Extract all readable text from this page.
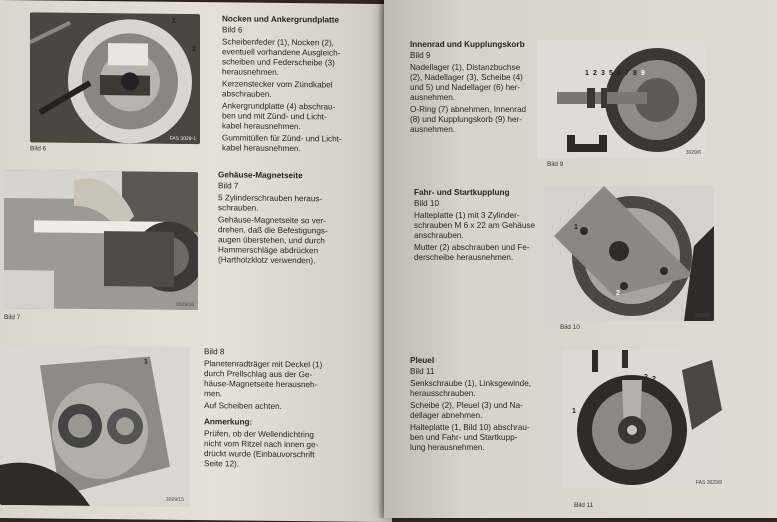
1
2
FAS 3029-1
Bild 6
Nocken und Ankergrundplatte
Bild 6
Scheibenfeder (1), Nocken (2),
eventuell vorhandene Ausgleich-
scheiben und Federscheibe (3)
herausnehmen.
Kerzenstecker vom Zündkabel
abschrauben.
Ankergrundplatte (4) abschrau-
ben und mit Zünd- und Licht-
kabel herausnehmen.
Gummitüllen für Zünd- und Licht-
kabel herausnehmen.
3029/16
Bild 7
Gehäuse-Magnetseite
Bild 7
5 Zylinderschrauben heraus-
schrauben.
Gehäuse-Magnetseite so ver-
drehen, daß die Befestigungs-
augen überstehen, und durch
Hammerschläge abdrücken
(Hartholzklotz verwenden).
1
3029/15
Bild 8
Planetenradträger mit Deckel (1)
durch Prellschlag aus der Ge-
häuse-Magnetseite herausneh-
men.
Auf Scheiben achten.
Anmerkung:
Prüfen, ob der Wellendichtring
nicht vom Ritzel nach innen ge-
drückt wurde (Einbauvorschrift
Seite 12).
Innenrad und Kupplungskorb
Bild 9
Nadellager (1), Distanzbuchse
(2), Nadellager (3), Scheibe (4)
und 5) und Nadellager (6) her-
ausnehmen.
O-Ring (7) abnehmen, Innenrad
(8) und Kupplungskorb (9) her-
ausnehmen.
1 2 3 5 6 7 8 9
3029/6
Bild 9
Fahr- und Startkupplung
Bild 10
Halteplatte (1) mit 3 Zylinder-
schrauben M 6 x 22 am Gehäuse
anschrauben.
Mutter (2) abschrauben und Fe-
derscheibe herausnehmen.
1
2
3029/5
Bild 10
Pleuel
Bild 11
Senkschraube (1), Linksgewinde,
herausschrauben.
Scheibe (2), Pleuel (3) und Na-
dellager abnehmen.
Halteplatte (1, Bild 10) abschrau-
ben und Fahr- und Startkupp-
lung herausnehmen.
1
2
3
FAS 3029/8
Bild 11
